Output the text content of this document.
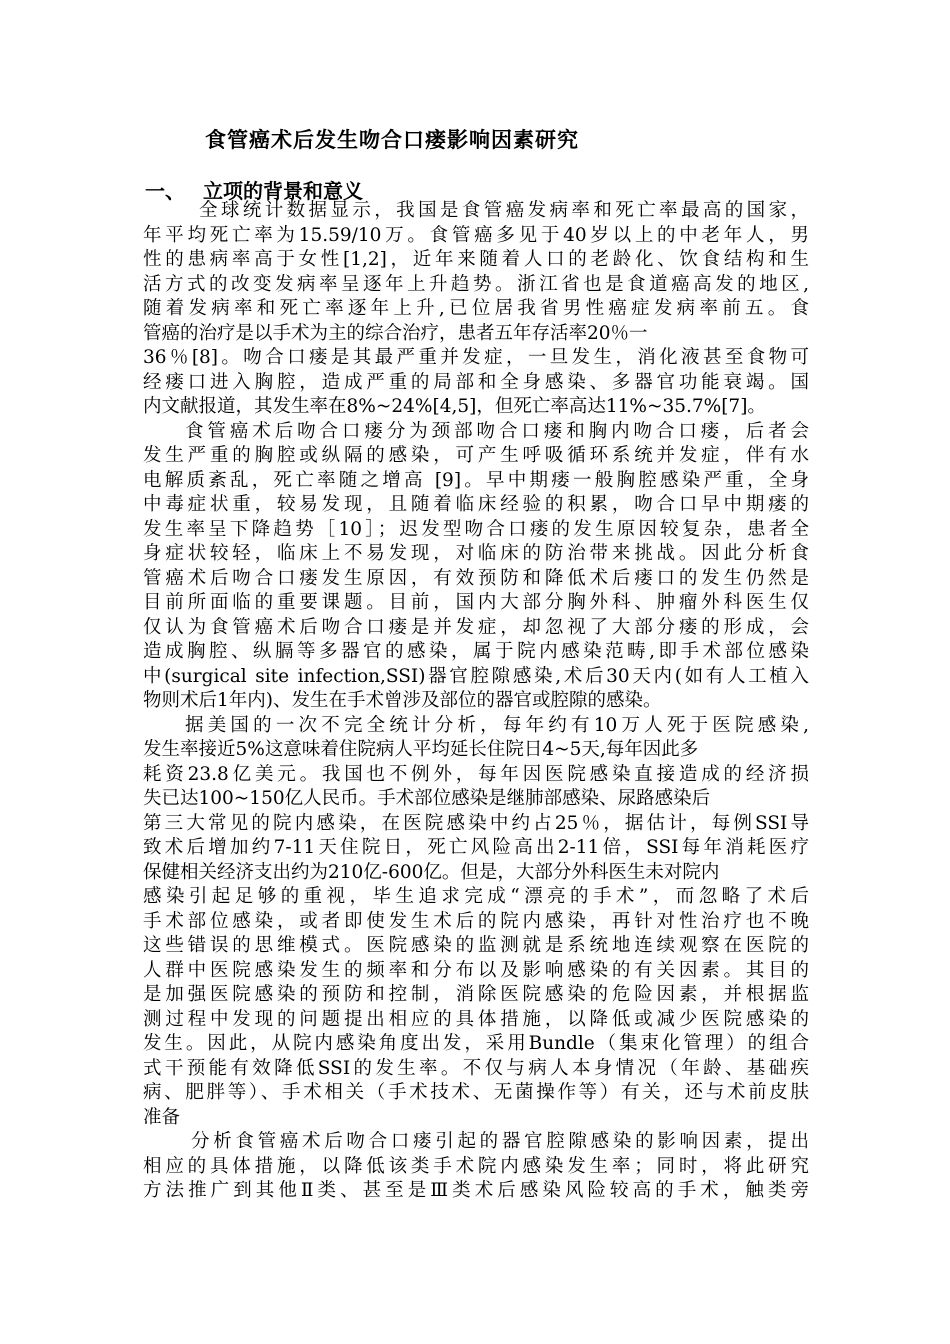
食管癌术后发生吻合口瘘影响因素研究
一、 立项的背景和意义
全球统计数据显示，我国是食管癌发病率和死亡率最高的国家，
年平均死亡率为15.59/10万。食管癌多见于40岁以上的中老年人，男
性的患病率高于女性[1,2]，近年来随着人口的老龄化、饮食结构和生
活方式的改变发病率呈逐年上升趋势。浙江省也是食道癌高发的地区,
随着发病率和死亡率逐年上升,已位居我省男性癌症发病率前五。食
管癌的治疗是以手术为主的综合治疗，患者五年存活率20％一
36％[8]。吻合口瘘是其最严重并发症，一旦发生，消化液甚至食物可
经瘘口进入胸腔，造成严重的局部和全身感染、多器官功能衰竭。国
内文献报道，其发生率在8%~24%[4,5]，但死亡率高达11%~35.7%[7]。
食管癌术后吻合口瘘分为颈部吻合口瘘和胸内吻合口瘘，后者会
发生严重的胸腔或纵隔的感染，可产生呼吸循环系统并发症，伴有水
电解质紊乱，死亡率随之增高 [9]。早中期瘘一般胸腔感染严重，全身
中毒症状重，较易发现，且随着临床经验的积累，吻合口早中期瘘的
发生率呈下降趋势［10］；迟发型吻合口瘘的发生原因较复杂，患者全
身症状较轻，临床上不易发现，对临床的防治带来挑战。因此分析食
管癌术后吻合口瘘发生原因，有效预防和降低术后瘘口的发生仍然是
目前所面临的重要课题。目前，国内大部分胸外科、肿瘤外科医生仅
仅认为食管癌术后吻合口瘘是并发症，却忽视了大部分瘘的形成，会
造成胸腔、纵膈等多器官的感染，属于院内感染范畴,即手术部位感染
中(surgical site infection,SSI)器官腔隙感染,术后30天内(如有人工植入
物则术后1年内)、发生在手术曾涉及部位的器官或腔隙的感染。
据美国的一次不完全统计分析，每年约有10万人死于医院感染,
发生率接近5%这意味着住院病人平均延长住院日4~5天,每年因此多
耗资23.8亿美元。我国也不例外，每年因医院感染直接造成的经济损
失已达100~150亿人民币。手术部位感染是继肺部感染、尿路感染后
第三大常见的院内感染，在医院感染中约占25％，据估计，每例SSI导
致术后增加约7-11天住院日，死亡风险高出2-11倍，SSI每年消耗医疗
保健相关经济支出约为210亿-600亿。但是，大部分外科医生未对院内
感染引起足够的重视，毕生追求完成“漂亮的手术”，而忽略了术后
手术部位感染，或者即使发生术后的院内感染，再针对性治疗也不晚
这些错误的思维模式。医院感染的监测就是系统地连续观察在医院的
人群中医院感染发生的频率和分布以及影响感染的有关因素。其目的
是加强医院感染的预防和控制，消除医院感染的危险因素，并根据监
测过程中发现的问题提出相应的具体措施，以降低或减少医院感染的
发生。因此，从院内感染角度出发，采用Bundle（集束化管理）的组合
式干预能有效降低SSI的发生率。不仅与病人本身情况（年龄、基础疾
病、肥胖等）、手术相关（手术技术、无菌操作等）有关，还与术前皮肤
准备
分析食管癌术后吻合口瘘引起的器官腔隙感染的影响因素，提出
相应的具体措施，以降低该类手术院内感染发生率；同时，将此研究
方法推广到其他Ⅱ类、甚至是Ⅲ类术后感染风险较高的手术，触类旁
